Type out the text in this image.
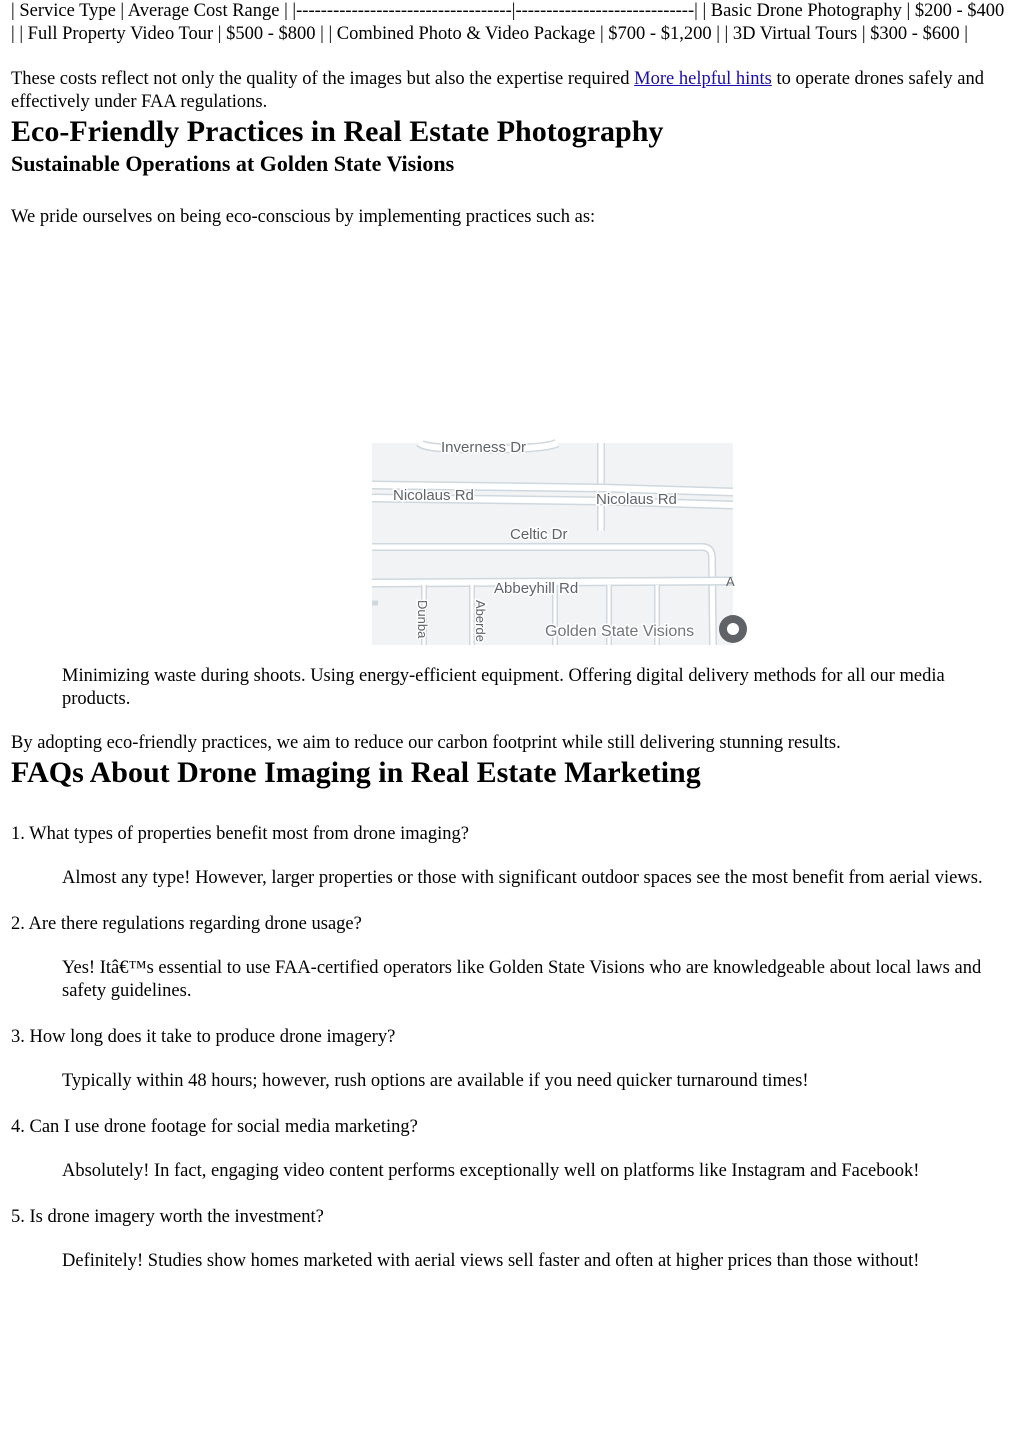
| Service Type | Average Cost Range | |-----------------------------------|-----------------------------| | Basic Drone Photography | $200 - $400 | | Full Property Video Tour | $500 - $800 | | Combined Photo & Video Package | $700 - $1,200 | | 3D Virtual Tours | $300 - $600 |

These costs reflect not only the quality of the images but also the expertise required More helpful hints to operate drones safely and effectively under FAA regulations.

Eco-Friendly Practices in Real Estate Photography
Sustainable Operations at Golden State Visions

We pride ourselves on being eco-conscious by implementing practices such as:

Inverness Dr
Nicolaus Rd	Nicolaus Rd
Celtic Dr
Abbeyhill Rd
Dunba	Aberde
A
Golden State Visions

Minimizing waste during shoots. Using energy-efficient equipment. Offering digital delivery methods for all our media products.

By adopting eco-friendly practices, we aim to reduce our carbon footprint while still delivering stunning results.

FAQs About Drone Imaging in Real Estate Marketing

1. What types of properties benefit most from drone imaging?

Almost any type! However, larger properties or those with significant outdoor spaces see the most benefit from aerial views.

2. Are there regulations regarding drone usage?

Yes! Itâ€™s essential to use FAA-certified operators like Golden State Visions who are knowledgeable about local laws and safety guidelines.

3. How long does it take to produce drone imagery?

Typically within 48 hours; however, rush options are available if you need quicker turnaround times!

4. Can I use drone footage for social media marketing?

Absolutely! In fact, engaging video content performs exceptionally well on platforms like Instagram and Facebook!

5. Is drone imagery worth the investment?

Definitely! Studies show homes marketed with aerial views sell faster and often at higher prices than those without!
